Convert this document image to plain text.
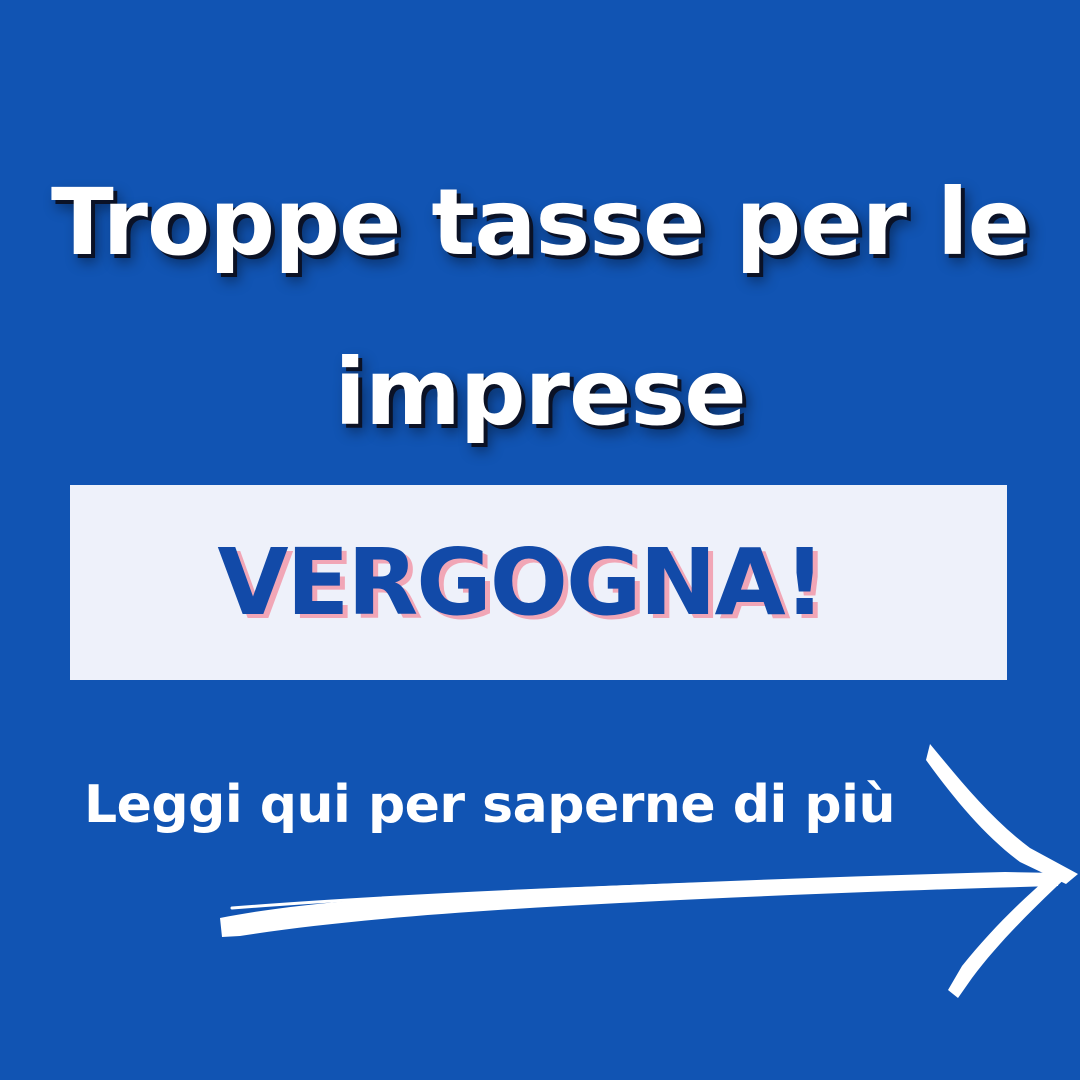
Troppe tasse per le
imprese
VERGOGNA!
Leggi qui per saperne di più
